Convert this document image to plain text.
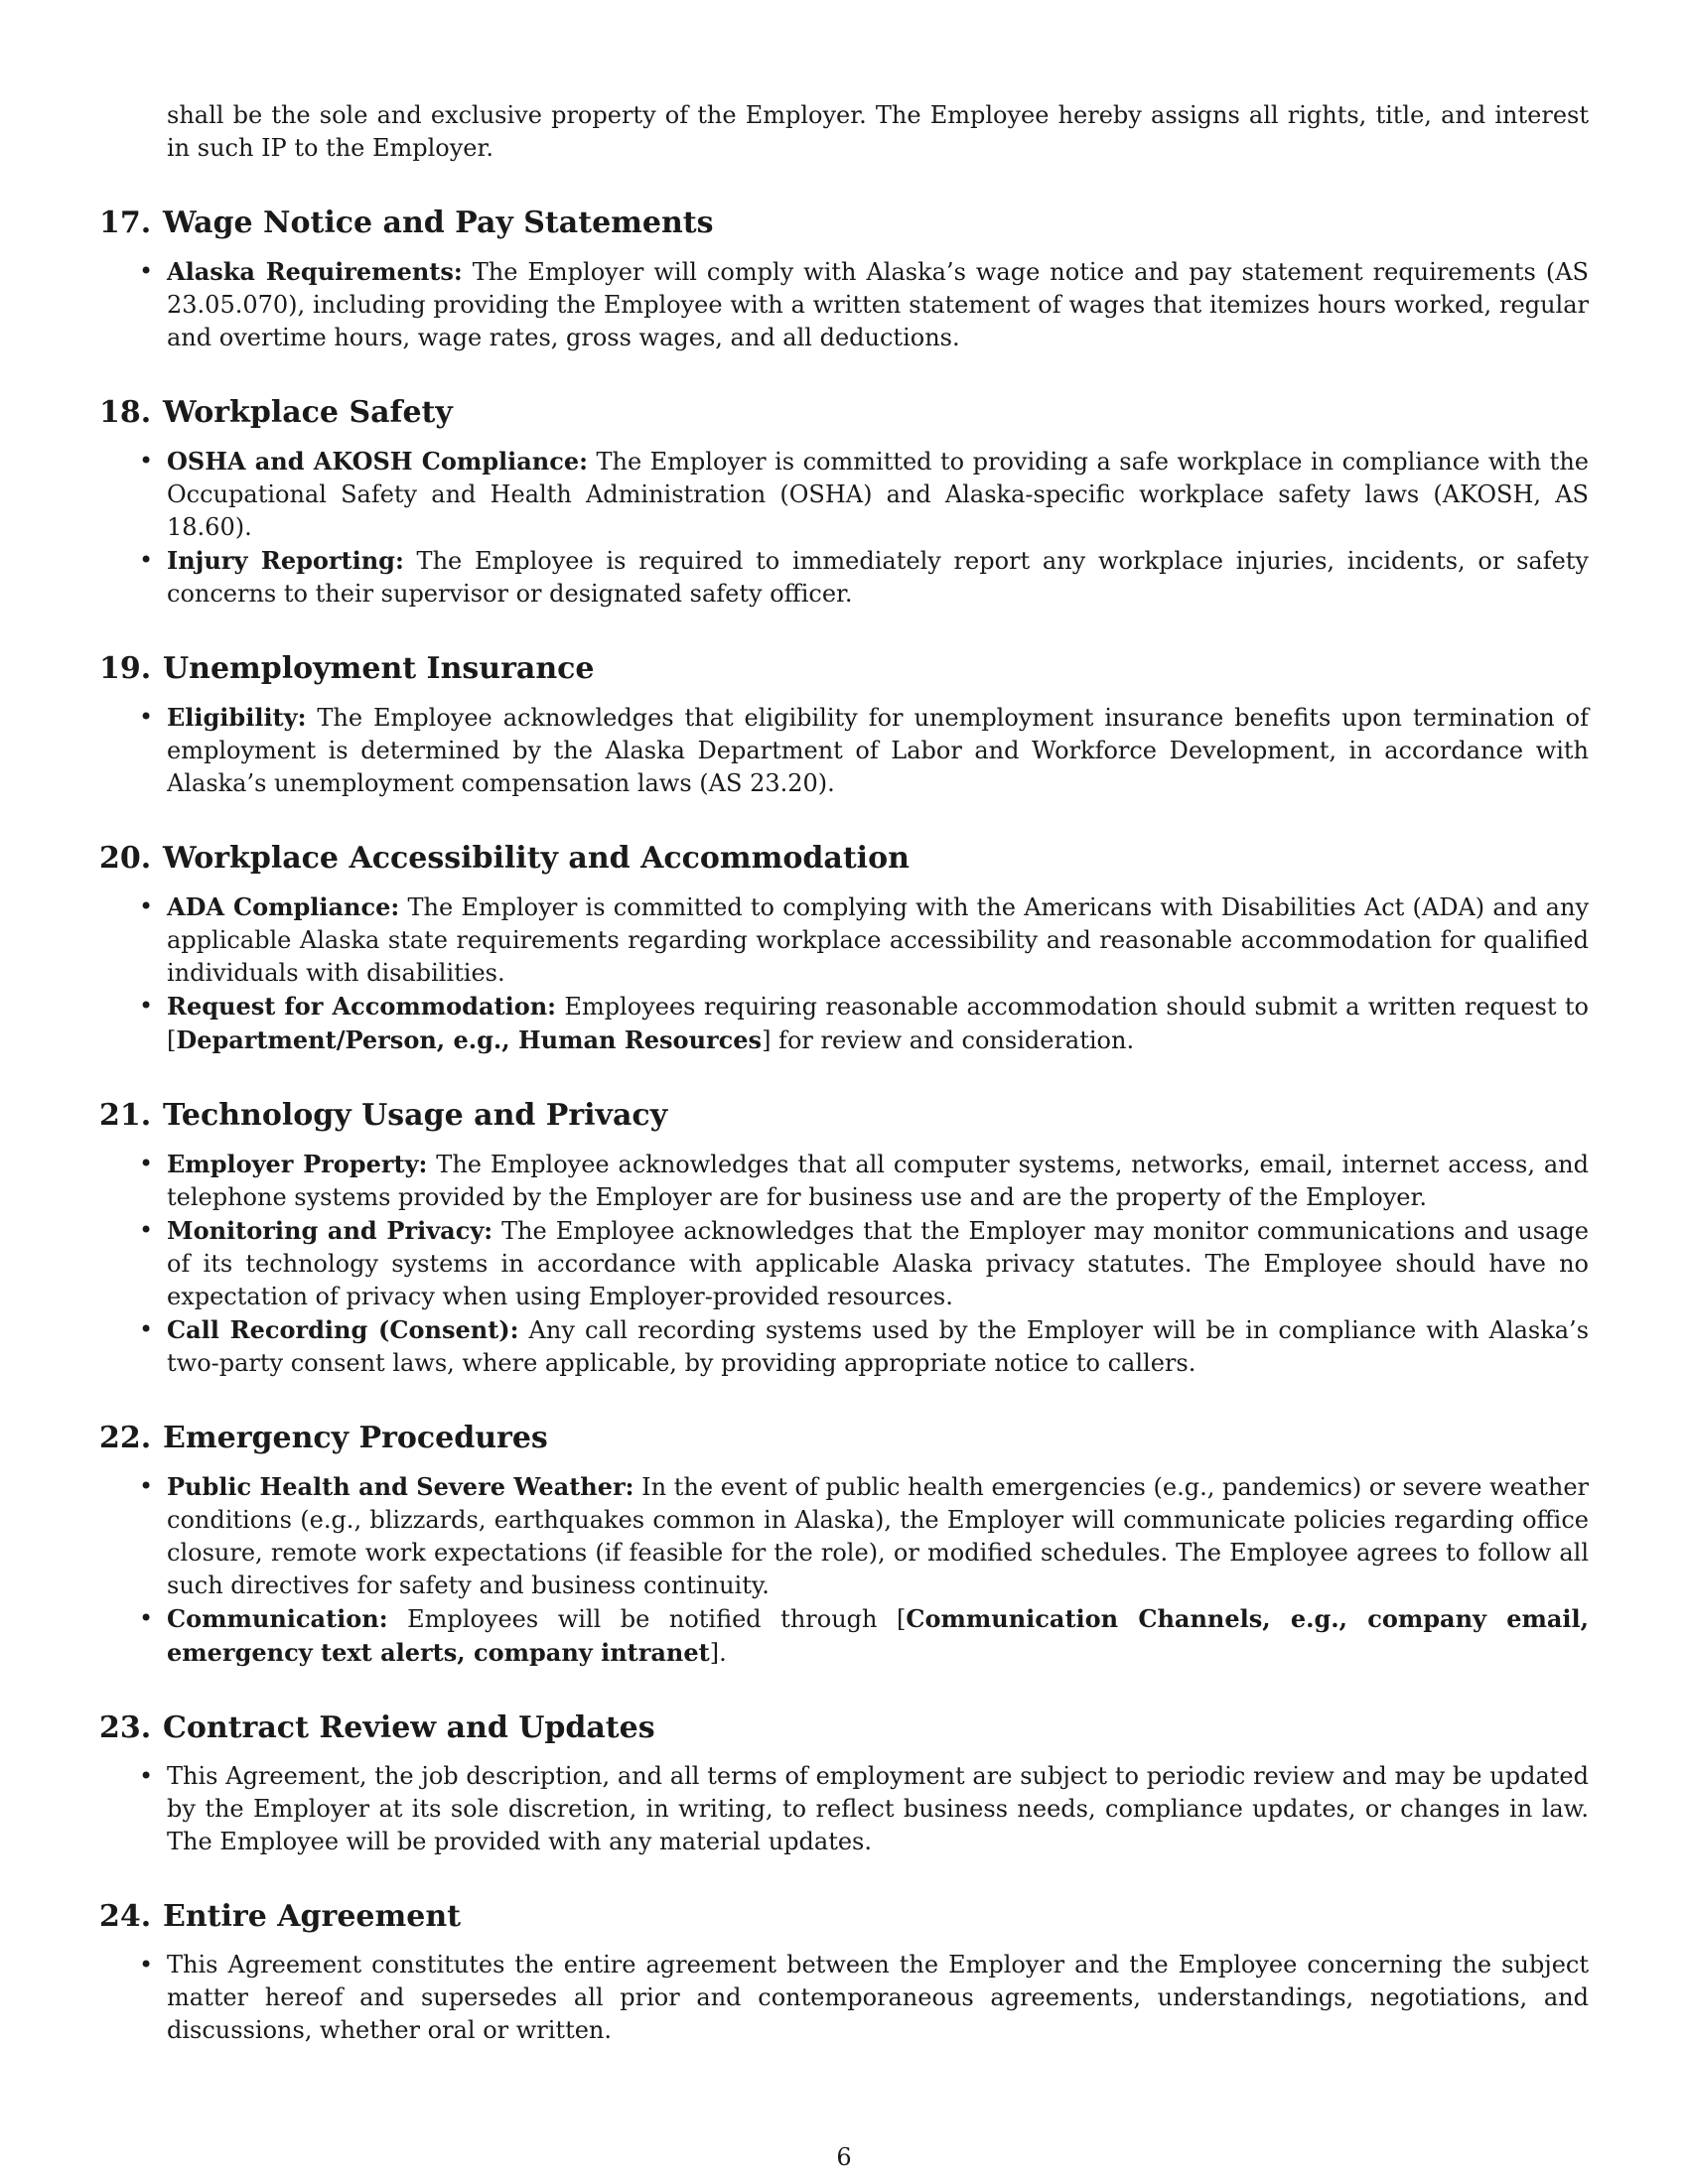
shall be the sole and exclusive property of the Employer. The Employee hereby assigns all rights, title, and interest in such IP to the Employer.

17. Wage Notice and Pay Statements
• Alaska Requirements: The Employer will comply with Alaska’s wage notice and pay statement requirements (AS 23.05.070), including providing the Employee with a written statement of wages that itemizes hours worked, regular and overtime hours, wage rates, gross wages, and all deductions.
18. Workplace Safety
• OSHA and AKOSH Compliance: The Employer is committed to providing a safe workplace in compliance with the Occupational Safety and Health Administration (OSHA) and Alaska-specific workplace safety laws (AKOSH, AS 18.60).
• Injury Reporting: The Employee is required to immediately report any workplace injuries, incidents, or safety concerns to their supervisor or designated safety officer.
19. Unemployment Insurance
• Eligibility: The Employee acknowledges that eligibility for unemployment insurance benefits upon termination of employment is determined by the Alaska Department of Labor and Workforce Development, in accordance with Alaska’s unemployment compensation laws (AS 23.20).
20. Workplace Accessibility and Accommodation
• ADA Compliance: The Employer is committed to complying with the Americans with Disabilities Act (ADA) and any applicable Alaska state requirements regarding workplace accessibility and reasonable accommodation for qualified individuals with disabilities.
• Request for Accommodation: Employees requiring reasonable accommodation should submit a written request to [Department/Person, e.g., Human Resources] for review and consideration.
21. Technology Usage and Privacy
• Employer Property: The Employee acknowledges that all computer systems, networks, email, internet access, and telephone systems provided by the Employer are for business use and are the property of the Employer.
• Monitoring and Privacy: The Employee acknowledges that the Employer may monitor communications and usage of its technology systems in accordance with applicable Alaska privacy statutes. The Employee should have no expectation of privacy when using Employer-provided resources.
• Call Recording (Consent): Any call recording systems used by the Employer will be in compliance with Alaska’s two-party consent laws, where applicable, by providing appropriate notice to callers.
22. Emergency Procedures
• Public Health and Severe Weather: In the event of public health emergencies (e.g., pandemics) or severe weather conditions (e.g., blizzards, earthquakes common in Alaska), the Employer will communicate policies regarding office closure, remote work expectations (if feasible for the role), or modified schedules. The Employee agrees to follow all such directives for safety and business continuity.
• Communication: Employees will be notified through [Communication Channels, e.g., company email, emergency text alerts, company intranet].
23. Contract Review and Updates
• This Agreement, the job description, and all terms of employment are subject to periodic review and may be updated by the Employer at its sole discretion, in writing, to reflect business needs, compliance updates, or changes in law. The Employee will be provided with any material updates.
24. Entire Agreement
• This Agreement constitutes the entire agreement between the Employer and the Employee concerning the subject matter hereof and supersedes all prior and contemporaneous agreements, understandings, negotiations, and discussions, whether oral or written.
6
